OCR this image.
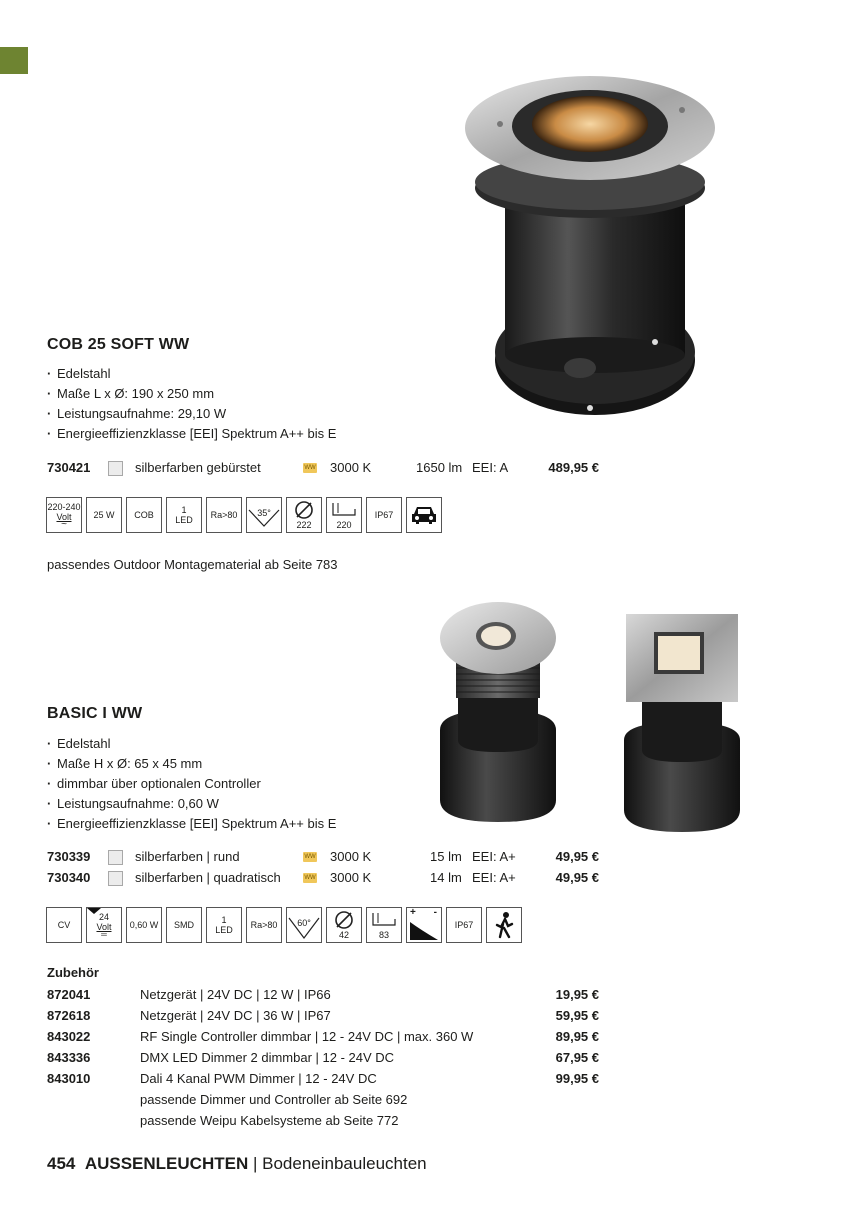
COB 25 SOFT WW
· Edelstahl
· Maße L x Ø: 190 x 250 mm
· Leistungsaufnahme: 29,10 W
· Energieeffizienzklasse [EEI] Spektrum A++ bis E
730421	silberfarben gebürstet	WW 3000 K	1650 lm EEI: A	489,95 €
220-240
Volt
~
25 W	COB	1
LED	Ra>80	35°
222	220
IP67
passendes Outdoor Montagematerial ab Seite 783
BASIC I WW
· Edelstahl
· Maße H x Ø: 65 x 45 mm
· dimmbar über optionalen Controller
· Leistungsaufnahme: 0,60 W
· Energieeffizienzklasse [EEI] Spektrum A++ bis E
730339	silberfarben | rund	WW 3000 K	15 lm EEI: A+	49,95 €
730340	silberfarben | quadratisch	WW 3000 K	14 lm EEI: A+	49,95 €
CV
24
Volt
═
0,60 W	SMD	1
LED	Ra>80	60°
42	83
+ -
IP67
Zubehör
872041	Netzgerät | 24V DC | 12 W | IP66	19,95 €
872618	Netzgerät | 24V DC | 36 W | IP67	59,95 €
843022	RF Single Controller dimmbar | 12 - 24V DC | max. 360 W	89,95 €
843336	DMX LED Dimmer 2 dimmbar | 12 - 24V DC	67,95 €
843010	Dali 4 Kanal PWM Dimmer | 12 - 24V DC	99,95 €
passende Dimmer und Controller ab Seite 692
passende Weipu Kabelsysteme ab Seite 772
454 AUSSENLEUCHTEN | Bodeneinbauleuchten
